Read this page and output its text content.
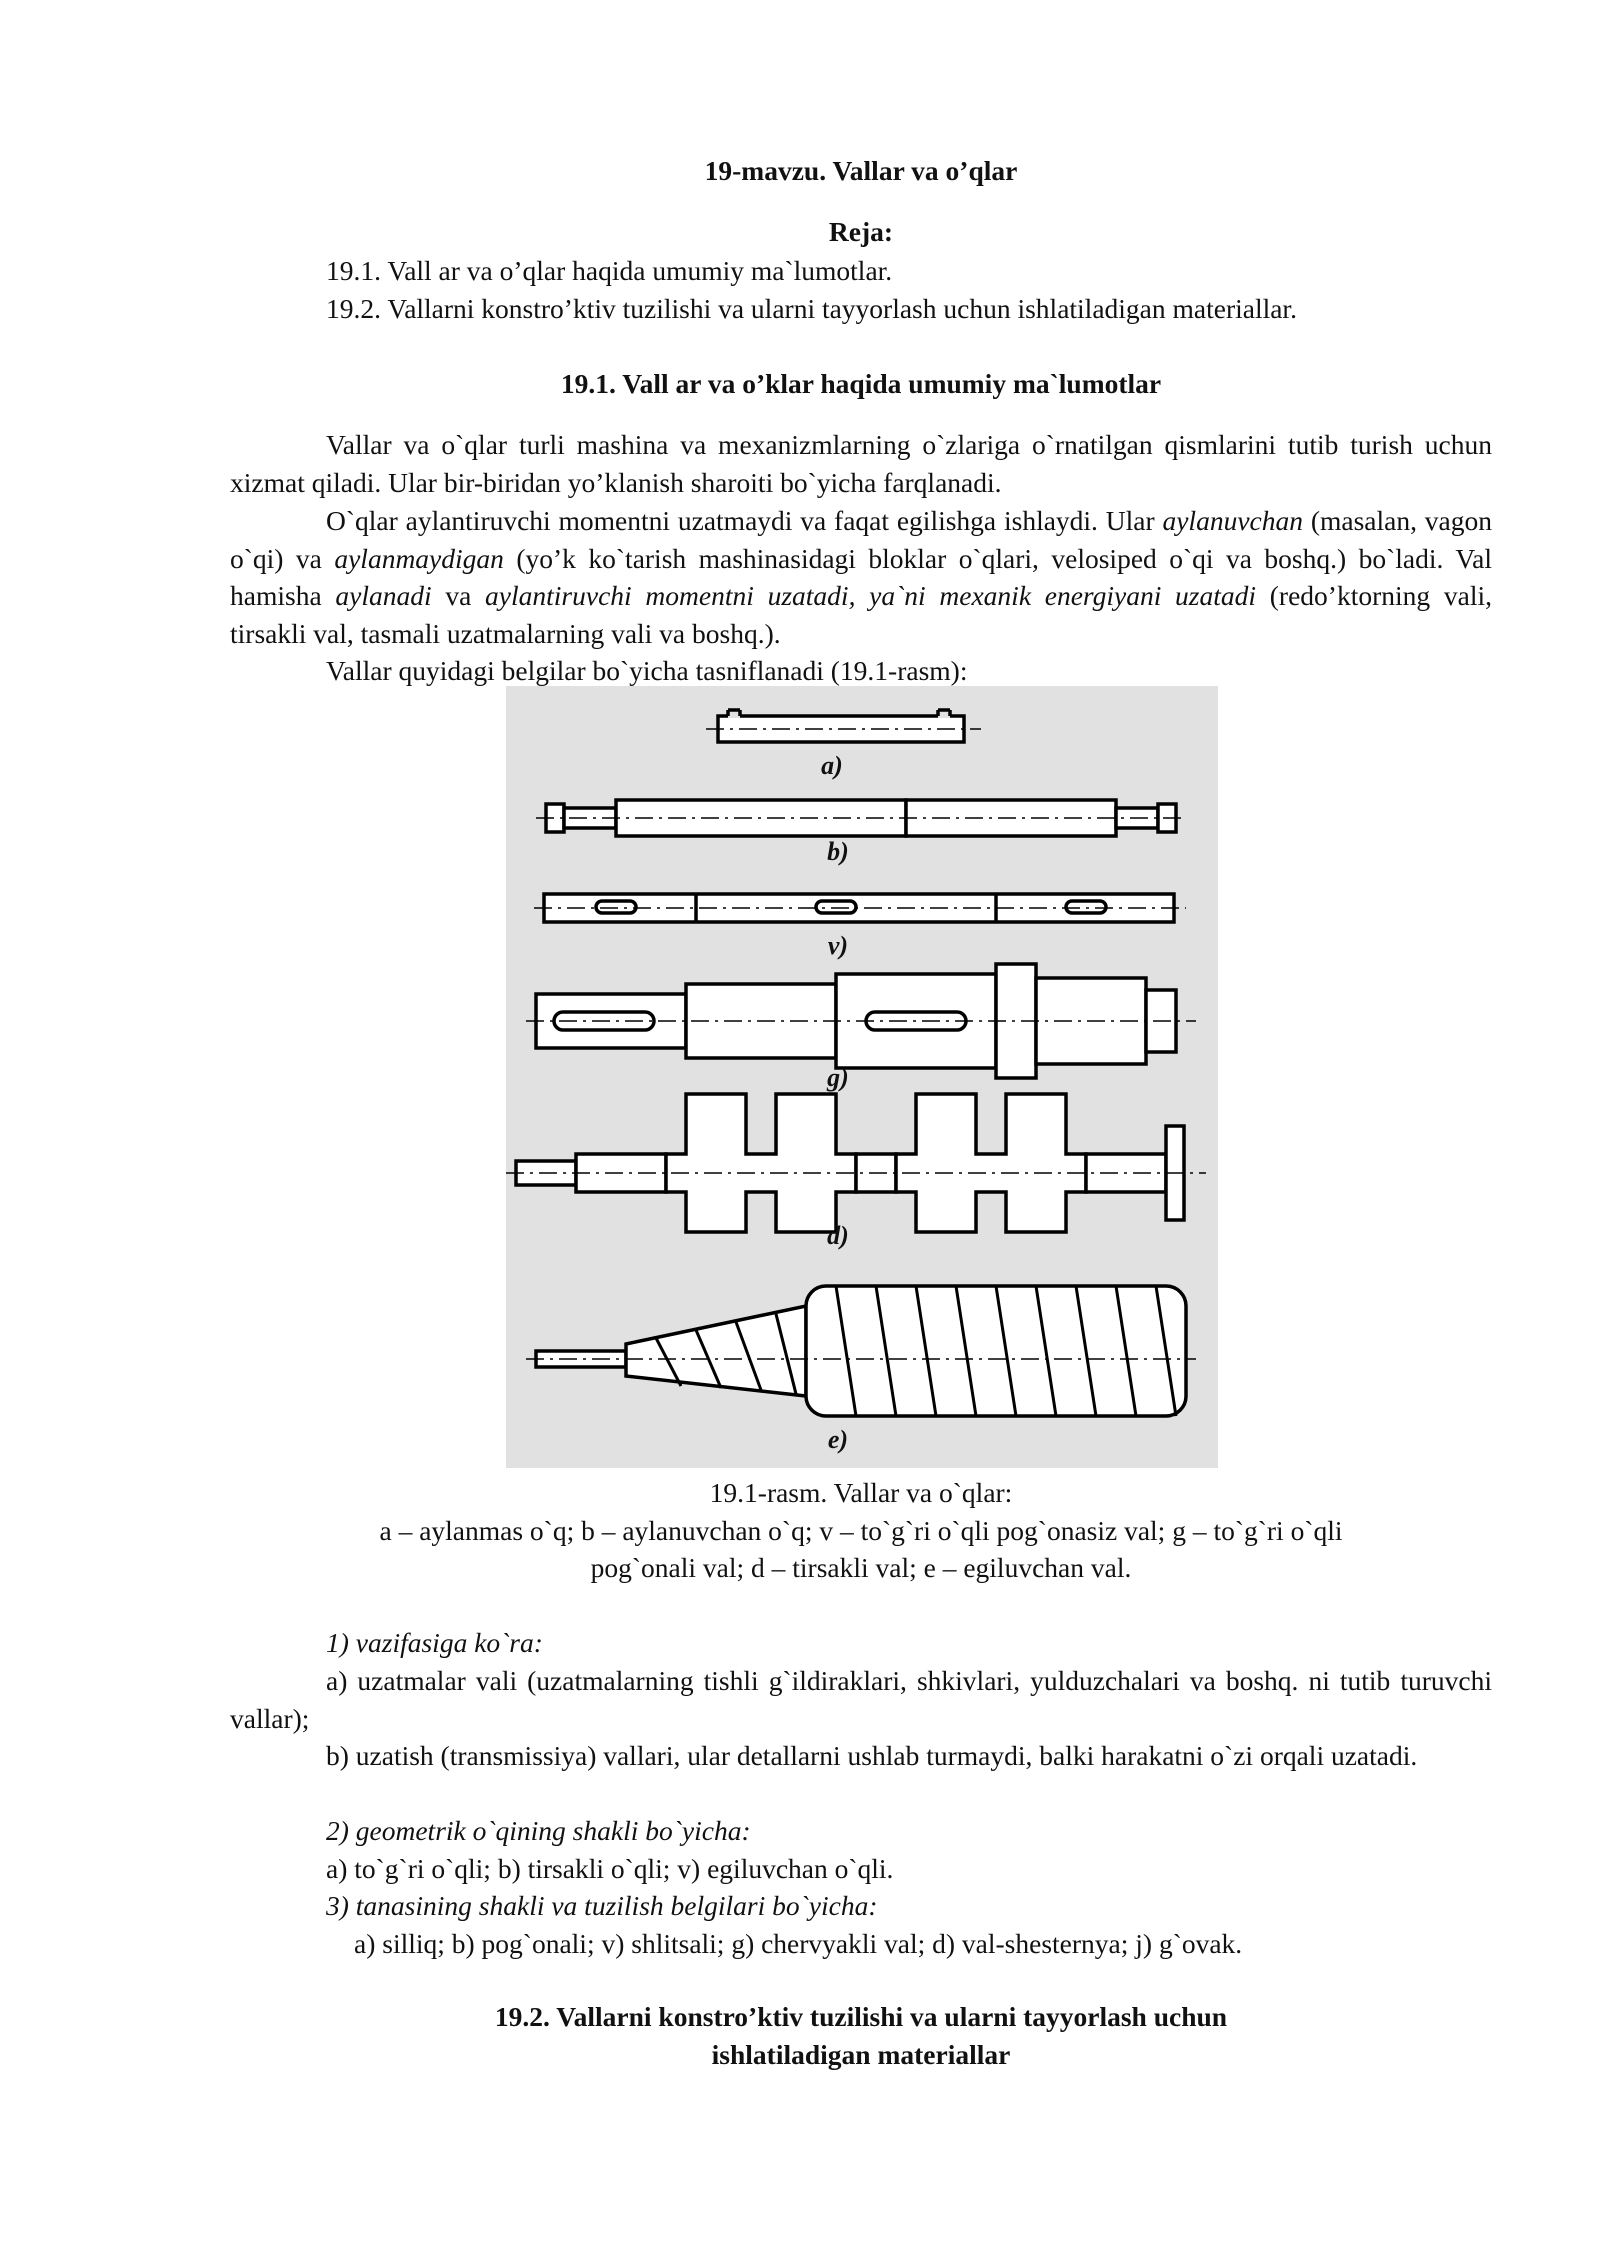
19-mavzu. Vallar va o’qlar
Reja:
19.1. Vall ar va o’qlar haqida umumiy ma`lumotlar.
19.2. Vallarni konstro’ktiv tuzilishi va ularni tayyorlash uchun ishlatiladigan materiallar.
19.1. Vall ar va o’klar haqida umumiy ma`lumotlar
Vallar va o`qlar turli mashina va mexanizmlarning o`zlariga o`rnatilgan qismlarini tutib turish uchun xizmat qiladi. Ular bir-biridan yo’klanish sharoiti bo`yicha farqlanadi.
O`qlar aylantiruvchi momentni uzatmaydi va faqat egilishga ishlaydi. Ular aylanuvchan (masalan, vagon o`qi) va aylanmaydigan (yo’k ko`tarish mashinasidagi bloklar o`qlari, velosiped o`qi va boshq.) bo`ladi. Val hamisha aylanadi va aylantiruvchi momentni uzatadi, ya`ni mexanik energiyani uzatadi (redo’ktorning vali, tirsakli val, tasmali uzatmalarning vali va boshq.).
Vallar quyidagi belgilar bo`yicha tasniflanadi (19.1-rasm):
a)
b)
v)
g)
d)
e)
19.1-rasm. Vallar va o`qlar:
a – aylanmas o`q; b – aylanuvchan o`q; v – to`g`ri o`qli pog`onasiz val; g – to`g`ri o`qli
pog`onali val; d – tirsakli val; e – egiluvchan val.
1) vazifasiga ko`ra:
a) uzatmalar vali (uzatmalarning tishli g`ildiraklari, shkivlari, yulduzchalari va boshq. ni tutib turuvchi vallar);
b) uzatish (transmissiya) vallari, ular detallarni ushlab turmaydi, balki harakatni o`zi orqali uzatadi.
2) geometrik o`qining shakli bo`yicha:
a) to`g`ri o`qli; b) tirsakli o`qli; v) egiluvchan o`qli.
3) tanasining shakli va tuzilish belgilari bo`yicha:
a) silliq; b) pog`onali; v) shlitsali; g) chervyakli val; d) val-shesternya; j) g`ovak.
19.2. Vallarni konstro’ktiv tuzilishi va ularni tayyorlash uchun
ishlatiladigan materiallar
